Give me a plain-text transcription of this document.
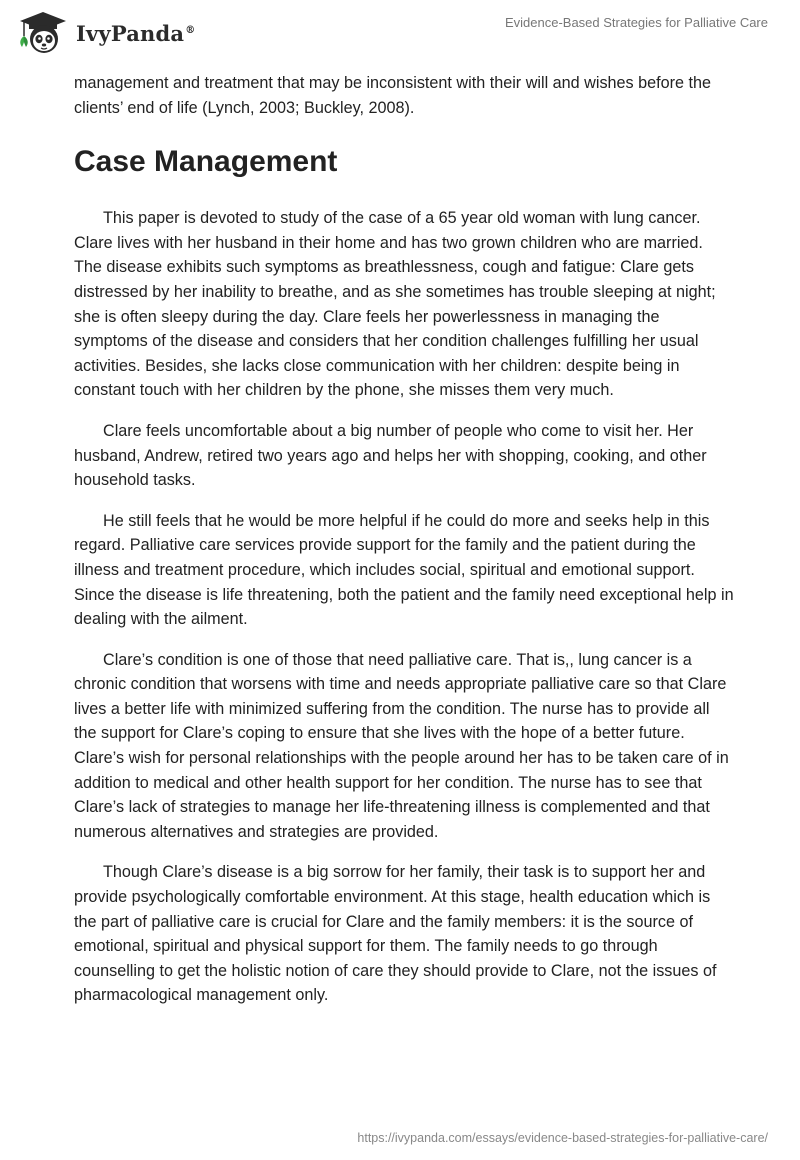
IvyPanda®	Evidence-Based Strategies for Palliative Care

management and treatment that may be inconsistent with their will and wishes before the clients’ end of life (Lynch, 2003; Buckley, 2008).

Case Management

This paper is devoted to study of the case of a 65 year old woman with lung cancer. Clare lives with her husband in their home and has two grown children who are married. The disease exhibits such symptoms as breathlessness, cough and fatigue: Clare gets distressed by her inability to breathe, and as she sometimes has trouble sleeping at night; she is often sleepy during the day. Clare feels her powerlessness in managing the symptoms of the disease and considers that her condition challenges fulfilling her usual activities. Besides, she lacks close communication with her children: despite being in constant touch with her children by the phone, she misses them very much.

Clare feels uncomfortable about a big number of people who come to visit her. Her husband, Andrew, retired two years ago and helps her with shopping, cooking, and other household tasks.

He still feels that he would be more helpful if he could do more and seeks help in this regard. Palliative care services provide support for the family and the patient during the illness and treatment procedure, which includes social, spiritual and emotional support. Since the disease is life threatening, both the patient and the family need exceptional help in dealing with the ailment.

Clare’s condition is one of those that need palliative care. That is,, lung cancer is a chronic condition that worsens with time and needs appropriate palliative care so that Clare lives a better life with minimized suffering from the condition. The nurse has to provide all the support for Clare’s coping to ensure that she lives with the hope of a better future. Clare’s wish for personal relationships with the people around her has to be taken care of in addition to medical and other health support for her condition. The nurse has to see that Clare’s lack of strategies to manage her life-threatening illness is complemented and that numerous alternatives and strategies are provided.

Though Clare’s disease is a big sorrow for her family, their task is to support her and provide psychologically comfortable environment. At this stage, health education which is the part of palliative care is crucial for Clare and the family members: it is the source of emotional, spiritual and physical support for them. The family needs to go through counselling to get the holistic notion of care they should provide to Clare, not the issues of pharmacological management only.

https://ivypanda.com/essays/evidence-based-strategies-for-palliative-care/
